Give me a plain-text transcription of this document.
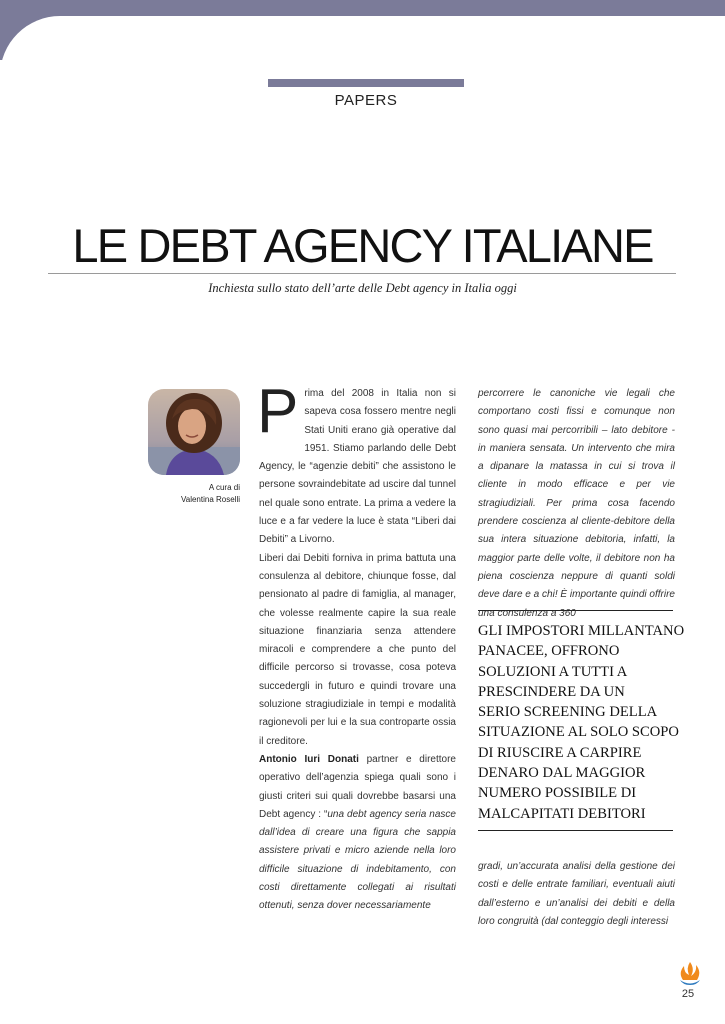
PAPERS
LE DEBT AGENCY ITALIANE
Inchiesta sullo stato dell’arte delle Debt agency in Italia oggi
A cura di
Valentina Roselli

Prima del 2008 in Italia non si sapeva cosa fossero mentre negli Stati Uniti erano già operative dal 1951. Stiamo parlando delle Debt Agency, le “agenzie debiti” che assistono le persone sovraindebitate ad uscire dal tunnel nel quale sono entrate. La prima a vedere la luce e a far vedere la luce è stata “Liberi dai Debiti” a Livorno.

Liberi dai Debiti forniva in prima battuta una consulenza al debitore, chiunque fosse, dal pensionato al padre di famiglia, al manager, che volesse realmente capire la sua reale situazione finanziaria senza attendere miracoli e comprendere a che punto del difficile percorso si trovasse, cosa poteva succedergli in futuro e quindi trovare una soluzione stragiudiziale in tempi e modalità ragionevoli per lui e la sua controparte ossia il creditore.

Antonio Iuri Donati partner e direttore operativo dell’agenzia spiega quali sono i giusti criteri sui quali dovrebbe basarsi una Debt agency : “una debt agency seria nasce dall’idea di creare una figura che sappia assistere privati e micro aziende nella loro difficile situazione di indebitamento, con costi direttamente collegati ai risultati ottenuti, senza dover necessariamente

GLI IMPOSTORI MILLANTANO
PANACEE, OFFRONO
SOLUZIONI A TUTTI A
PRESCINDERE DA UN
SERIO SCREENING DELLA
SITUAZIONE AL SOLO SCOPO
DI RIUSCIRE A CARPIRE
DENARO DAL MAGGIOR
NUMERO POSSIBILE DI
MALCAPITATI DEBITORI

gradi, un’accurata analisi della gestione dei costi e delle entrate familiari, eventuali aiuti dall’esterno e un’analisi dei debiti e della loro congruità (dal conteggio degli interessi

25

percorrere le canoniche vie legali che comportano costi fissi e comunque non sono quasi mai percorribili – lato debitore - in maniera sensata. Un intervento che mira a dipanare la matassa in cui si trova il cliente in modo efficace e per vie stragiudiziali. Per prima cosa facendo prendere coscienza al cliente-debitore della sua intera situazione debitoria, infatti, la maggior parte delle volte, il debitore non ha piena coscienza neppure di quanti soldi deve dare e a chi! È importante quindi offrire una consulenza a 360
